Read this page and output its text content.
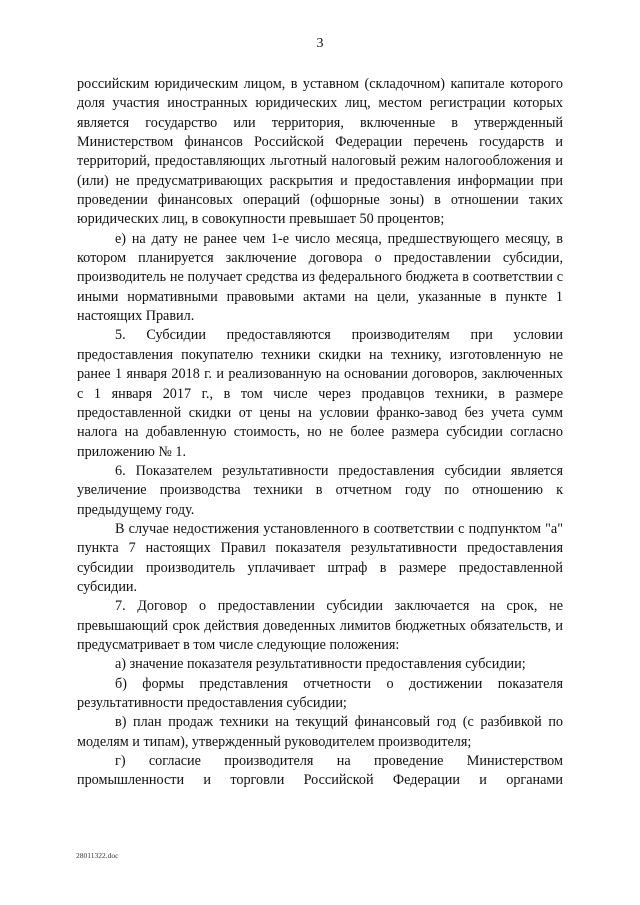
3

российским юридическим лицом, в уставном (складочном) капитале которого доля участия иностранных юридических лиц, местом регистрации которых является государство или территория, включенные в утвержденный Министерством финансов Российской Федерации перечень государств и территорий, предоставляющих льготный налоговый режим налогообложения и (или) не предусматривающих раскрытия и предоставления информации при проведении финансовых операций (офшорные зоны) в отношении таких юридических лиц, в совокупности превышает 50 процентов;

е) на дату не ранее чем 1-е число месяца, предшествующего месяцу, в котором планируется заключение договора о предоставлении субсидии, производитель не получает средства из федерального бюджета в соответствии с иными нормативными правовыми актами на цели, указанные в пункте 1 настоящих Правил.

5. Субсидии предоставляются производителям при условии предоставления покупателю техники скидки на технику, изготовленную не ранее 1 января 2018 г. и реализованную на основании договоров, заключенных с 1 января 2017 г., в том числе через продавцов техники, в размере предоставленной скидки от цены на условии франко-завод без учета сумм налога на добавленную стоимость, но не более размера субсидии согласно приложению № 1.

6. Показателем результативности предоставления субсидии является увеличение производства техники в отчетном году по отношению к предыдущему году.

В случае недостижения установленного в соответствии с подпунктом "а" пункта 7 настоящих Правил показателя результативности предоставления субсидии производитель уплачивает штраф в размере предоставленной субсидии.

7. Договор о предоставлении субсидии заключается на срок, не превышающий срок действия доведенных лимитов бюджетных обязательств, и предусматривает в том числе следующие положения:

а) значение показателя результативности предоставления субсидии;

б) формы представления отчетности о достижении показателя результативности предоставления субсидии;

в) план продаж техники на текущий финансовый год (с разбивкой по моделям и типам), утвержденный руководителем производителя;

г) согласие производителя на проведение Министерством промышленности и торговли Российской Федерации и органами

28011322.doc
